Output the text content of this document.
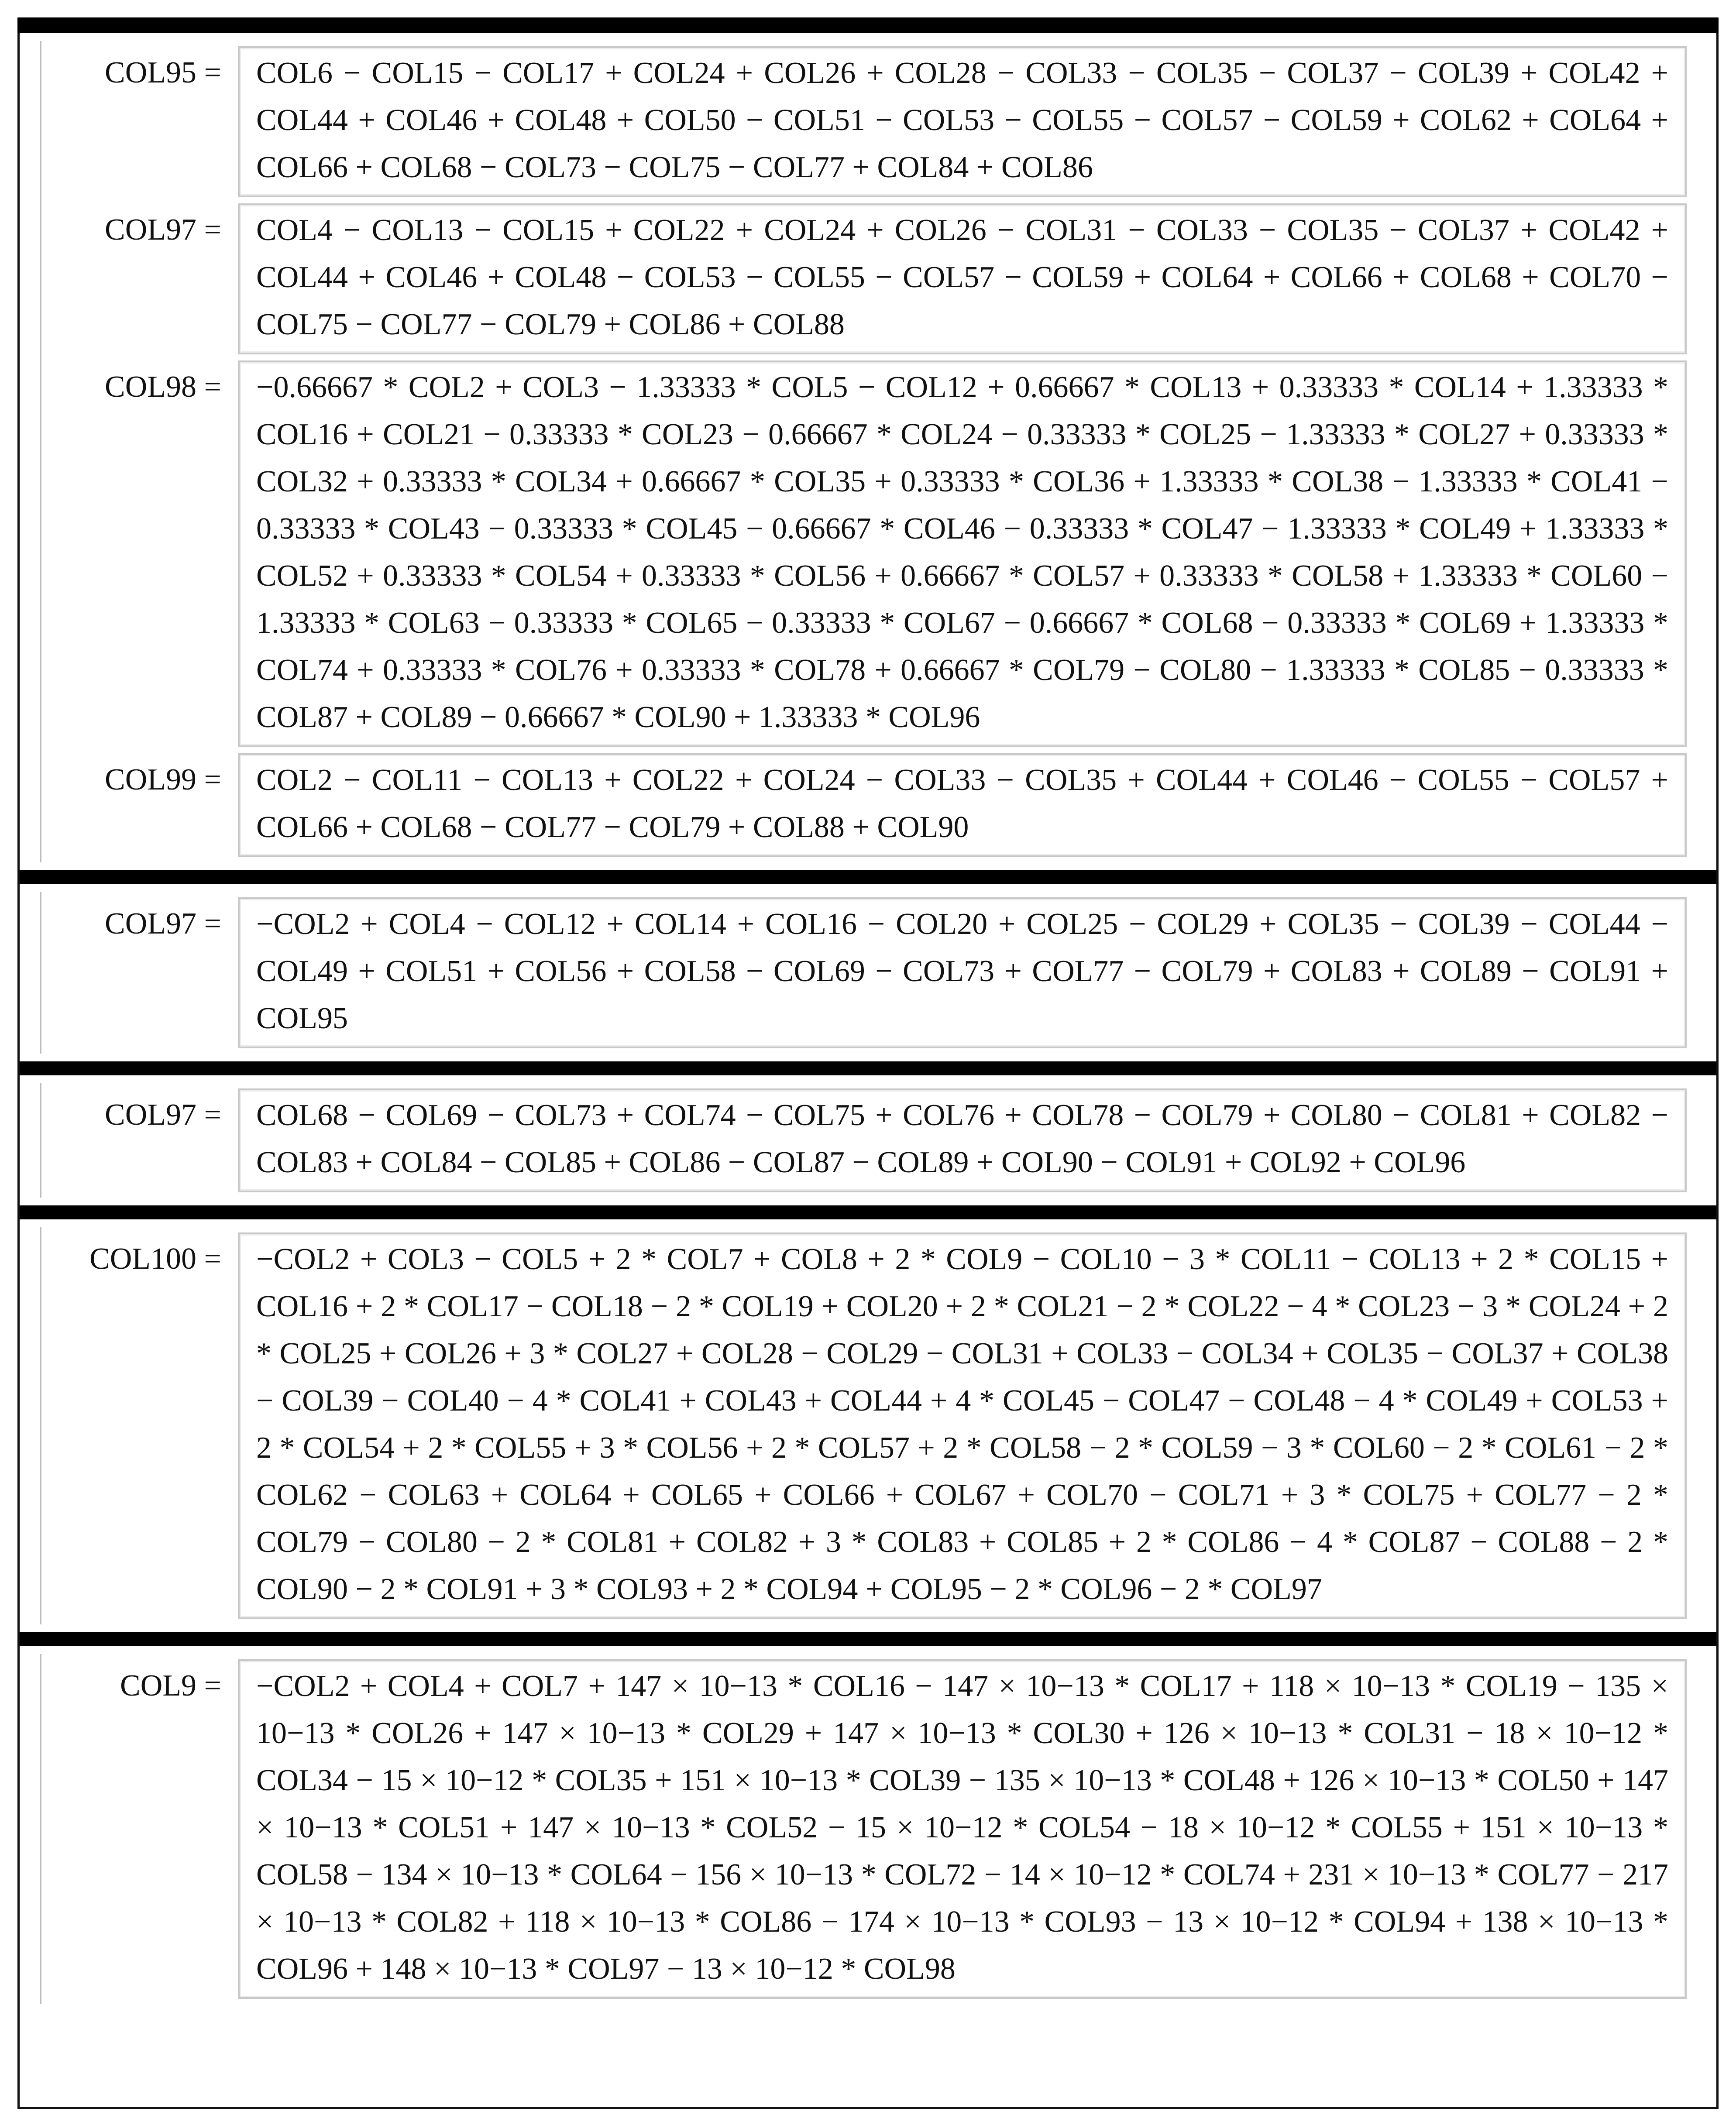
COL95 =	COL6 − COL15 − COL17 + COL24 + COL26 + COL28 − COL33 − COL35 − COL37 − COL39 + COL42 + COL44 + COL46 + COL48 + COL50 − COL51 − COL53 − COL55 − COL57 − COL59 + COL62 + COL64 + COL66 + COL68 − COL73 − COL75 − COL77 + COL84 + COL86
COL97 =	COL4 − COL13 − COL15 + COL22 + COL24 + COL26 − COL31 − COL33 − COL35 − COL37 + COL42 + COL44 + COL46 + COL48 − COL53 − COL55 − COL57 − COL59 + COL64 + COL66 + COL68 + COL70 − COL75 − COL77 − COL79 + COL86 + COL88
COL98 =	−0.66667 * COL2 + COL3 − 1.33333 * COL5 − COL12 + 0.66667 * COL13 + 0.33333 * COL14 + 1.33333 * COL16 + COL21 − 0.33333 * COL23 − 0.66667 * COL24 − 0.33333 * COL25 − 1.33333 * COL27 + 0.33333 * COL32 + 0.33333 * COL34 + 0.66667 * COL35 + 0.33333 * COL36 + 1.33333 * COL38 − 1.33333 * COL41 − 0.33333 * COL43 − 0.33333 * COL45 − 0.66667 * COL46 − 0.33333 * COL47 − 1.33333 * COL49 + 1.33333 * COL52 + 0.33333 * COL54 + 0.33333 * COL56 + 0.66667 * COL57 + 0.33333 * COL58 + 1.33333 * COL60 − 1.33333 * COL63 − 0.33333 * COL65 − 0.33333 * COL67 − 0.66667 * COL68 − 0.33333 * COL69 + 1.33333 * COL74 + 0.33333 * COL76 + 0.33333 * COL78 + 0.66667 * COL79 − COL80 − 1.33333 * COL85 − 0.33333 * COL87 + COL89 − 0.66667 * COL90 + 1.33333 * COL96
COL99 =	COL2 − COL11 − COL13 + COL22 + COL24 − COL33 − COL35 + COL44 + COL46 − COL55 − COL57 + COL66 + COL68 − COL77 − COL79 + COL88 + COL90
COL97 =	−COL2 + COL4 − COL12 + COL14 + COL16 − COL20 + COL25 − COL29 + COL35 − COL39 − COL44 − COL49 + COL51 + COL56 + COL58 − COL69 − COL73 + COL77 − COL79 + COL83 + COL89 − COL91 + COL95
COL97 =	COL68 − COL69 − COL73 + COL74 − COL75 + COL76 + COL78 − COL79 + COL80 − COL81 + COL82 − COL83 + COL84 − COL85 + COL86 − COL87 − COL89 + COL90 − COL91 + COL92 + COL96
COL100 =	−COL2 + COL3 − COL5 + 2 * COL7 + COL8 + 2 * COL9 − COL10 − 3 * COL11 − COL13 + 2 * COL15 + COL16 + 2 * COL17 − COL18 − 2 * COL19 + COL20 + 2 * COL21 − 2 * COL22 − 4 * COL23 − 3 * COL24 + 2 * COL25 + COL26 + 3 * COL27 + COL28 − COL29 − COL31 + COL33 − COL34 + COL35 − COL37 + COL38 − COL39 − COL40 − 4 * COL41 + COL43 + COL44 + 4 * COL45 − COL47 − COL48 − 4 * COL49 + COL53 + 2 * COL54 + 2 * COL55 + 3 * COL56 + 2 * COL57 + 2 * COL58 − 2 * COL59 − 3 * COL60 − 2 * COL61 − 2 * COL62 − COL63 + COL64 + COL65 + COL66 + COL67 + COL70 − COL71 + 3 * COL75 + COL77 − 2 * COL79 − COL80 − 2 * COL81 + COL82 + 3 * COL83 + COL85 + 2 * COL86 − 4 * COL87 − COL88 − 2 * COL90 − 2 * COL91 + 3 * COL93 + 2 * COL94 + COL95 − 2 * COL96 − 2 * COL97
COL9 =	−COL2 + COL4 + COL7 + 147 × 10−13 * COL16 − 147 × 10−13 * COL17 + 118 × 10−13 * COL19 − 135 × 10−13 * COL26 + 147 × 10−13 * COL29 + 147 × 10−13 * COL30 + 126 × 10−13 * COL31 − 18 × 10−12 * COL34 − 15 × 10−12 * COL35 + 151 × 10−13 * COL39 − 135 × 10−13 * COL48 + 126 × 10−13 * COL50 + 147 × 10−13 * COL51 + 147 × 10−13 * COL52 − 15 × 10−12 * COL54 − 18 × 10−12 * COL55 + 151 × 10−13 * COL58 − 134 × 10−13 * COL64 − 156 × 10−13 * COL72 − 14 × 10−12 * COL74 + 231 × 10−13 * COL77 − 217 × 10−13 * COL82 + 118 × 10−13 * COL86 − 174 × 10−13 * COL93 − 13 × 10−12 * COL94 + 138 × 10−13 * COL96 + 148 × 10−13 * COL97 − 13 × 10−12 * COL98
